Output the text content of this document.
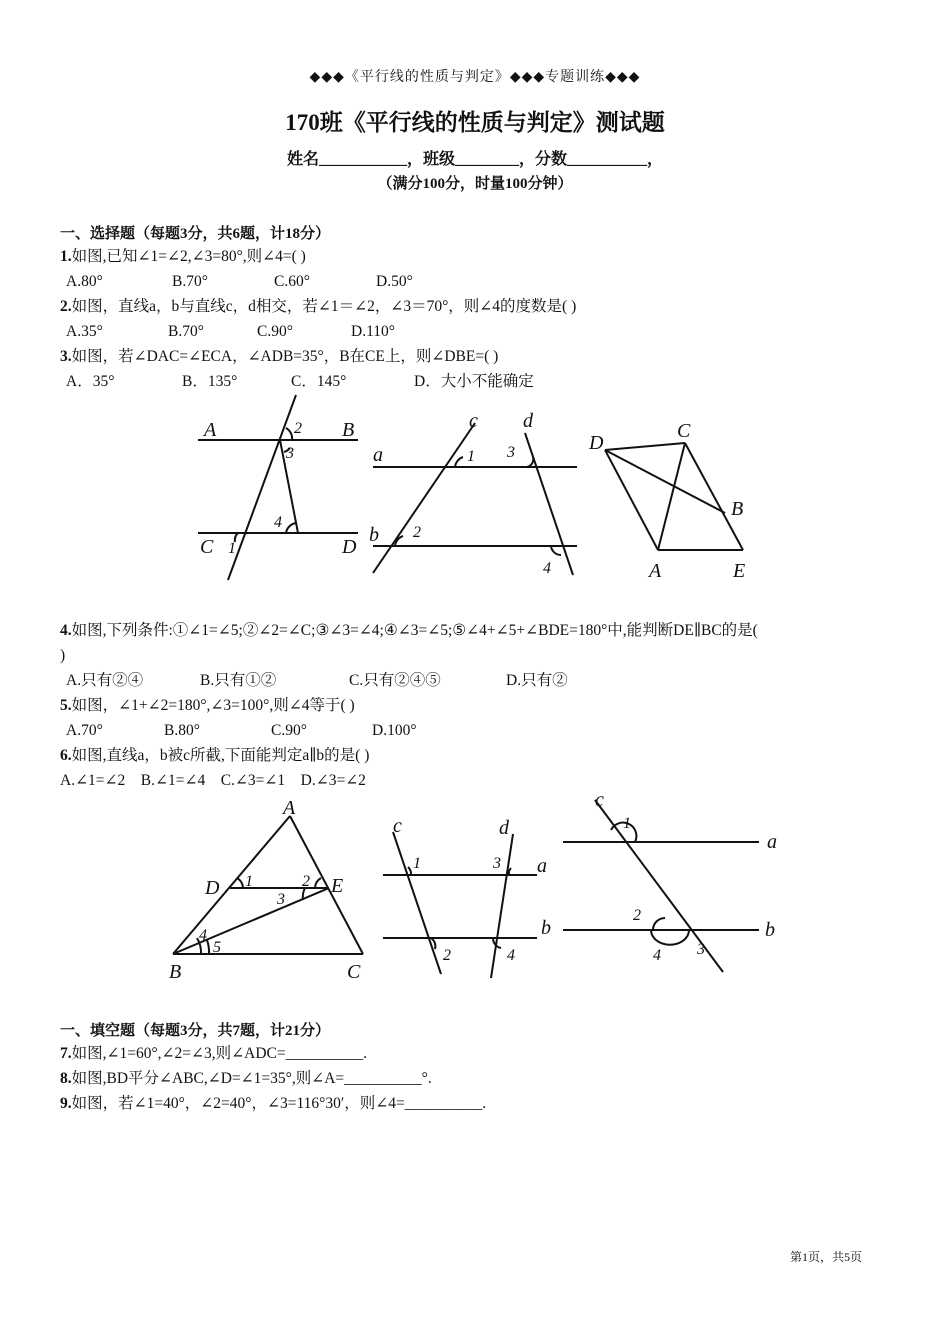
◆◆◆《平行线的性质与判定》◆◆◆专题训练◆◆◆
170班《平行线的性质与判定》测试题
姓名___________，班级________，分数__________，
（满分100分，时量100分钟）
一、选择题（每题3分，共6题，计18分）
1.如图,已知∠1=∠2,∠3=80°,则∠4=( )
A.80°	B.70°	C.60°	D.50°
2.如图，直线a，b与直线c，d相交，若∠1＝∠2，∠3＝70°，则∠4的度数是( )
A.35°	B.70°	C.90°	D.110°
3.如图，若∠DAC=∠ECA，∠ADB=35°，B在CE上，则∠DBE=( )
A．35°	B．135°	C．145°	D．大小不能确定
A	B
C	D
2
3
4
1
a
b
c d
1 3
2
4
D
C
B
A	E
4.如图,下列条件:①∠1=∠5;②∠2=∠C;③∠3=∠4;④∠3=∠5;⑤∠4+∠5+∠BDE=180°中,能判断DE∥BC的是(
)
A.只有②④	B.只有①②	C.只有②④⑤	D.只有②
5.如图，∠1+∠2=180°,∠3=100°,则∠4等于( )
A.70°	B.80°	C.90°	D.100°
6.如图,直线a，b被c所截,下面能判定a∥b的是( )
A.∠1=∠2    B.∠1=∠4    C.∠3=∠1    D.∠3=∠2
A
D	E
B	C
1	2
3
4
5
c	d
a
b
1	3
2	4
c
a
b
1
2
4 3
一、填空题（每题3分，共7题，计21分）
7.如图,∠1=60°,∠2=∠3,则∠ADC=__________.
8.如图,BD平分∠ABC,∠D=∠1=35°,则∠A=__________°.
9.如图，若∠1=40°，∠2=40°，∠3=116°30′，则∠4=__________.
第1页，共5页
